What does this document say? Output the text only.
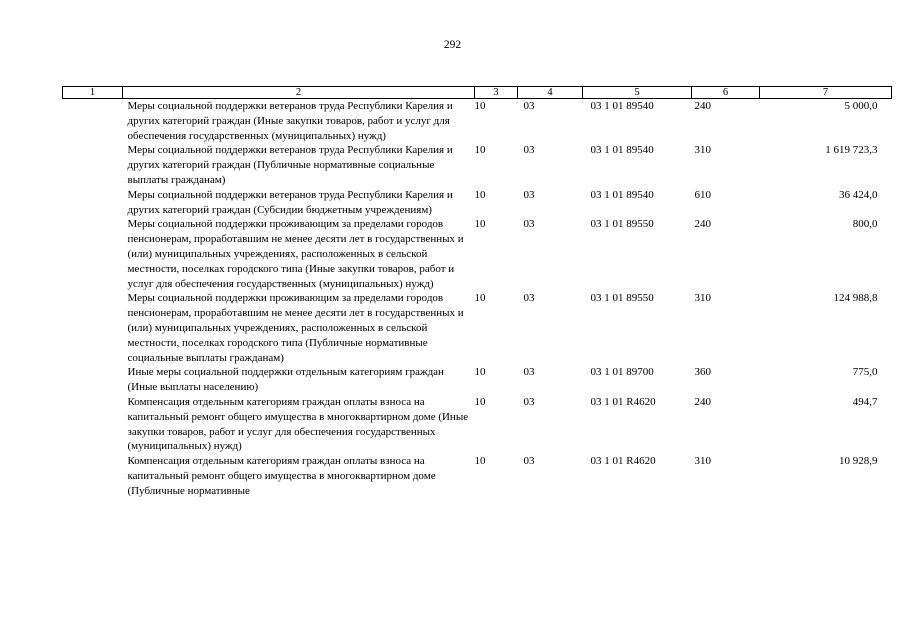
292
1	2	3	4	5	6	7
	Меры социальной поддержки ветеранов труда Республики Карелия и других категорий граждан (Иные закупки товаров, работ и услуг для обеспечения государственных (муниципальных) нужд)	10	03	03 1 01 89540	240	5 000,0
	Меры социальной поддержки ветеранов труда Республики Карелия и других категорий граждан (Публичные нормативные социальные выплаты гражданам)	10	03	03 1 01 89540	310	1 619 723,3
	Меры социальной поддержки ветеранов труда Республики Карелия и других категорий граждан (Субсидии бюджетным учреждениям)	10	03	03 1 01 89540	610	36 424,0
	Меры социальной поддержки проживающим за пределами городов пенсионерам, проработавшим не менее десяти лет в государственных и (или) муниципальных учреждениях, расположенных в сельской местности, поселках городского типа (Иные закупки товаров, работ и услуг для обеспечения государственных (муниципальных) нужд)	10	03	03 1 01 89550	240	800,0
	Меры социальной поддержки проживающим за пределами городов пенсионерам, проработавшим не менее десяти лет в государственных и (или) муниципальных учреждениях, расположенных в сельской местности, поселках городского типа (Публичные нормативные социальные выплаты гражданам)	10	03	03 1 01 89550	310	124 988,8
	Иные меры социальной поддержки отдельным категориям граждан (Иные выплаты населению)	10	03	03 1 01 89700	360	775,0
	Компенсация отдельным категориям граждан оплаты взноса на капитальный ремонт общего имущества в многоквартирном доме (Иные закупки товаров, работ и услуг для обеспечения государственных (муниципальных) нужд)	10	03	03 1 01 R4620	240	494,7
	Компенсация отдельным категориям граждан оплаты взноса на капитальный ремонт общего имущества в многоквартирном доме (Публичные нормативные	10	03	03 1 01 R4620	310	10 928,9
